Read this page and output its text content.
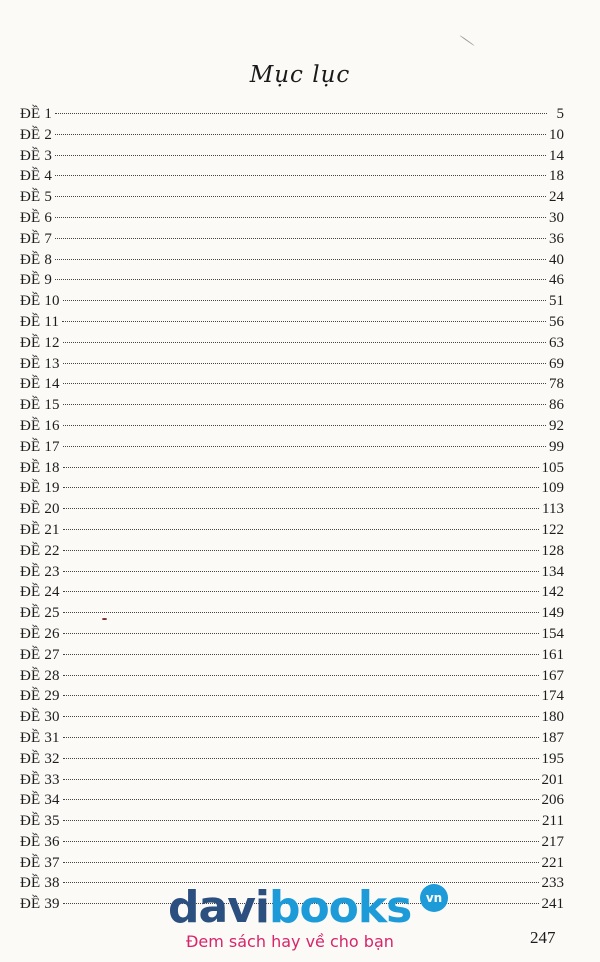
Mục lục
ĐỀ 1	5
ĐỀ 2	10
ĐỀ 3	14
ĐỀ 4	18
ĐỀ 5	24
ĐỀ 6	30
ĐỀ 7	36
ĐỀ 8	40
ĐỀ 9	46
ĐỀ 10	51
ĐỀ 11	56
ĐỀ 12	63
ĐỀ 13	69
ĐỀ 14	78
ĐỀ 15	86
ĐỀ 16	92
ĐỀ 17	99
ĐỀ 18	105
ĐỀ 19	109
ĐỀ 20	113
ĐỀ 21	122
ĐỀ 22	128
ĐỀ 23	134
ĐỀ 24	142
ĐỀ 25	149
ĐỀ 26	154
ĐỀ 27	161
ĐỀ 28	167
ĐỀ 29	174
ĐỀ 30	180
ĐỀ 31	187
ĐỀ 32	195
ĐỀ 33	201
ĐỀ 34	206
ĐỀ 35	211
ĐỀ 36	217
ĐỀ 37	221
ĐỀ 38	233
ĐỀ 39	241
davibooks	vn
Đem sách hay về cho bạn	247
